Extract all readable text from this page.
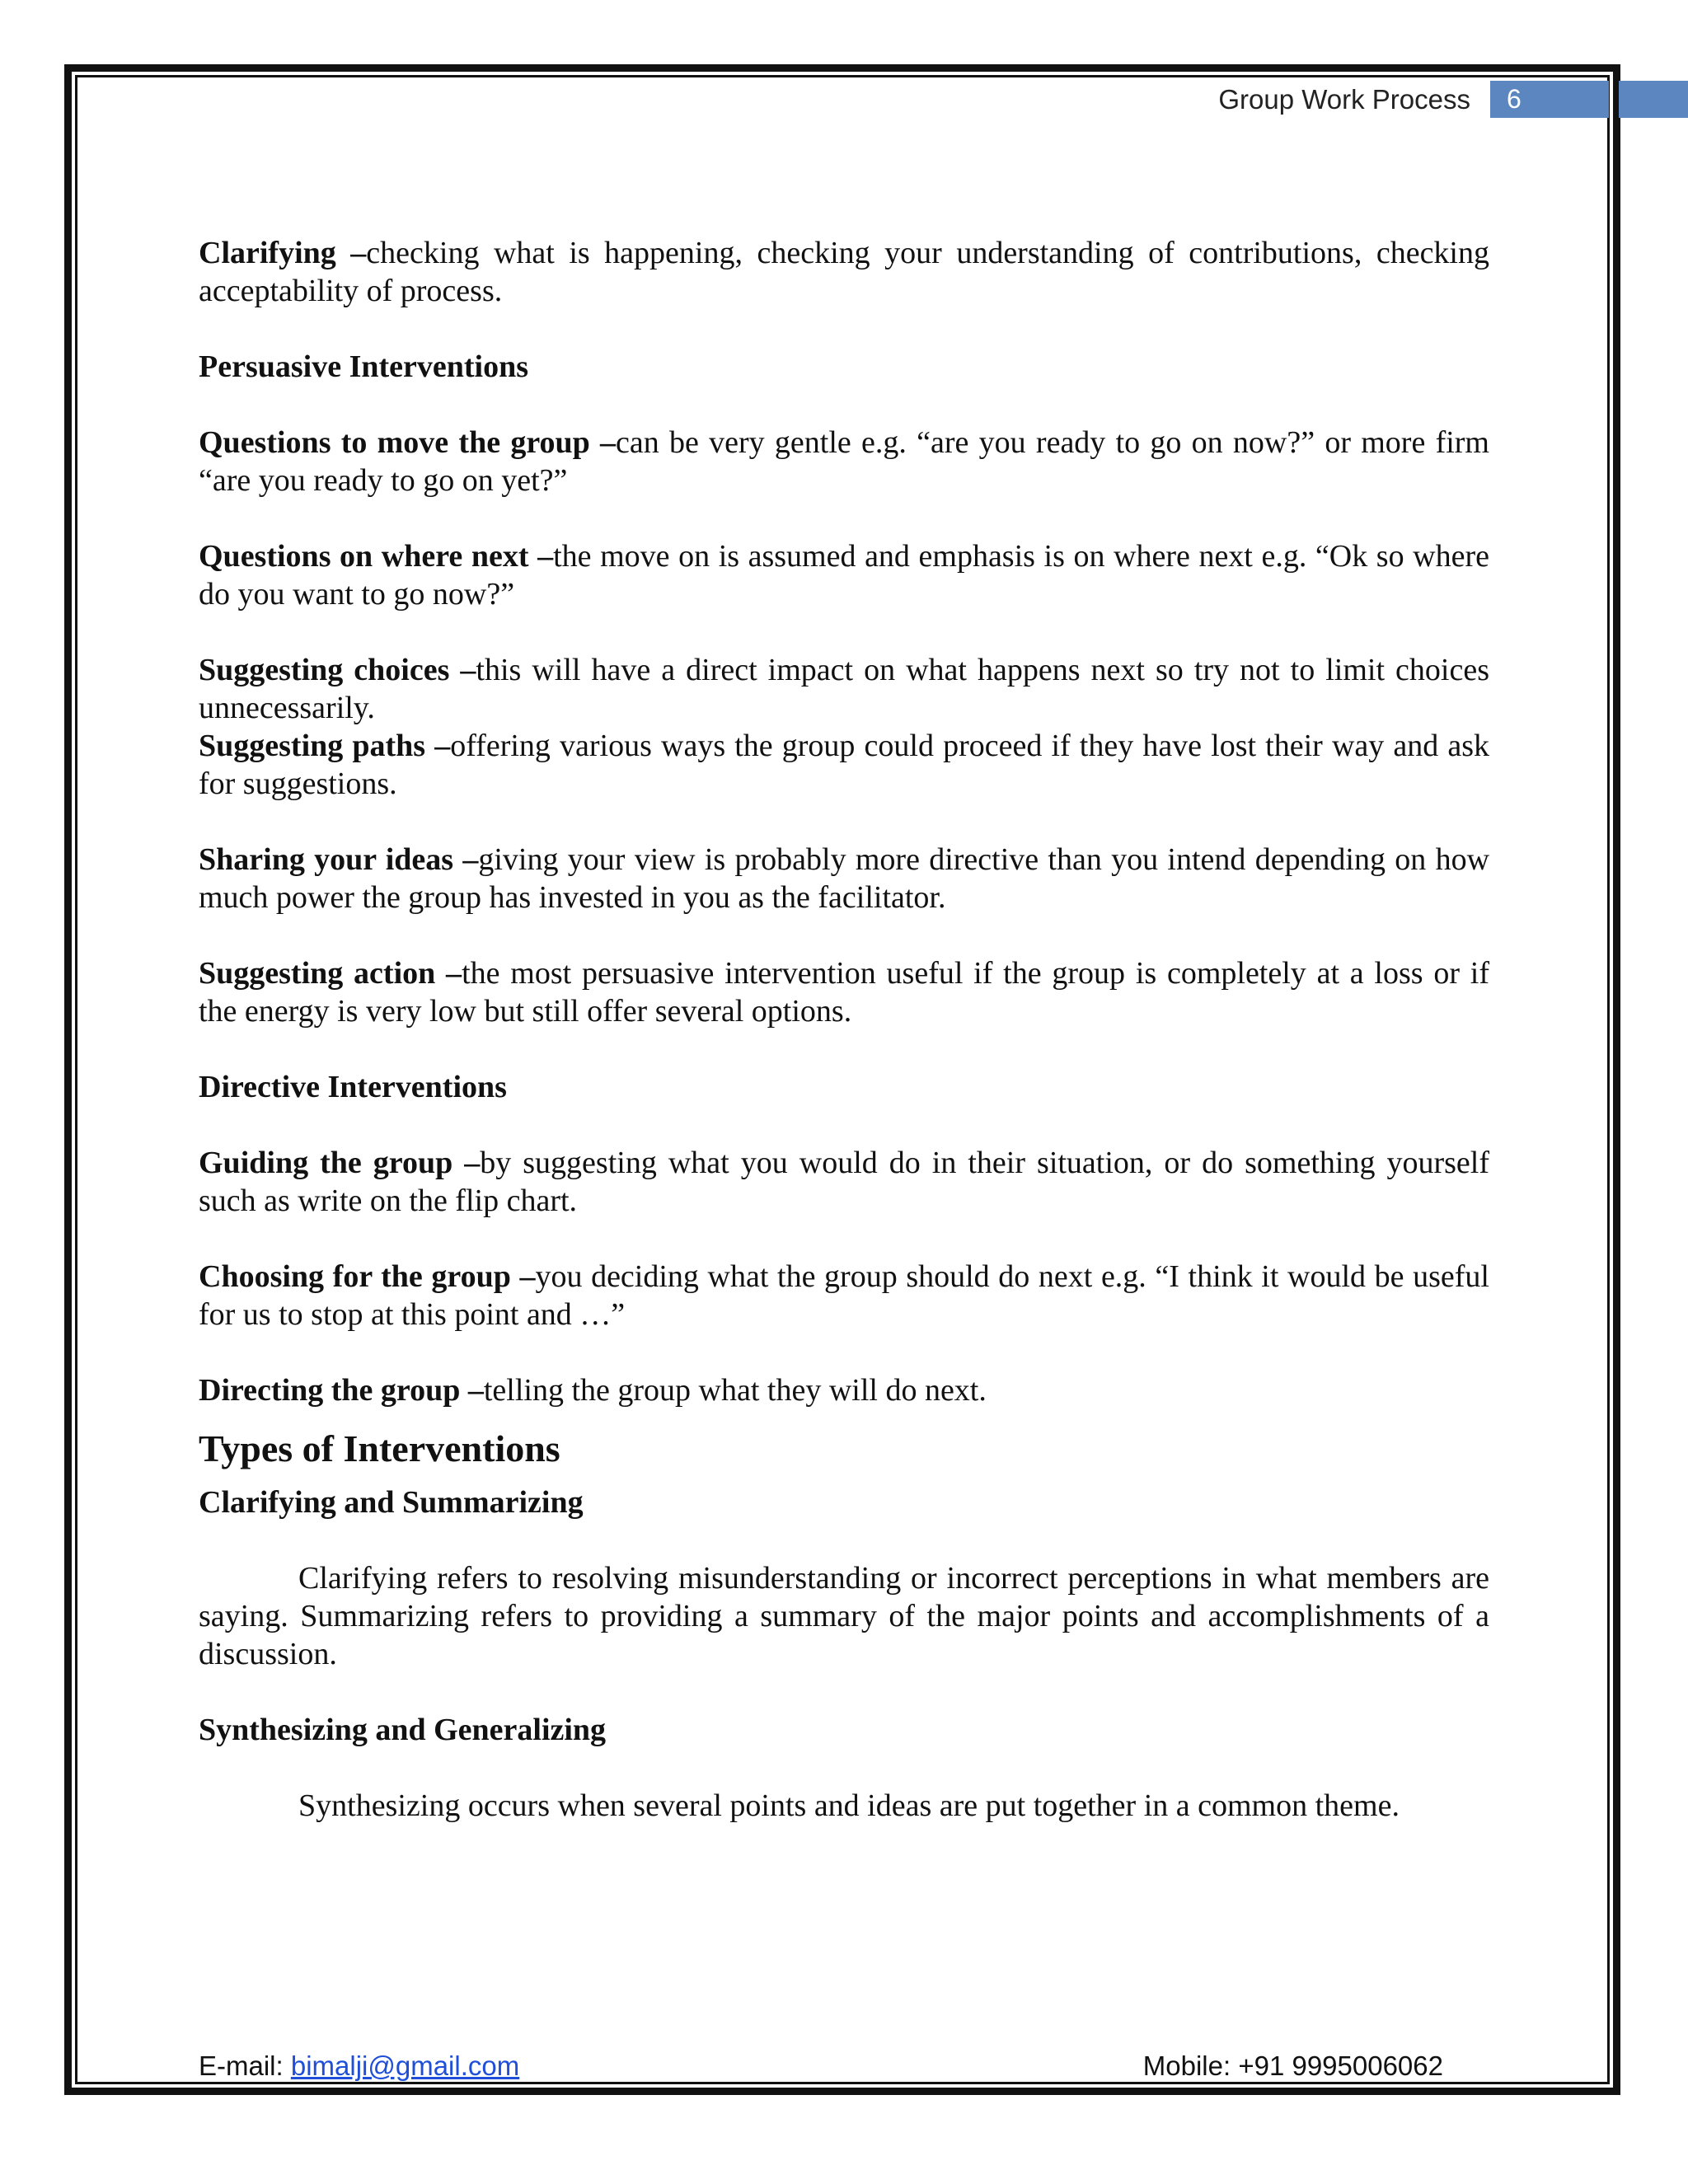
Group Work Process 6

Clarifying –checking what is happening, checking your understanding of contributions, checking acceptability of process.

Persuasive Interventions

Questions to move the group –can be very gentle e.g. “are you ready to go on now?” or more firm “are you ready to go on yet?”

Questions on where next –the move on is assumed and emphasis is on where next e.g. “Ok so where do you want to go now?”

Suggesting choices –this will have a direct impact on what happens next so try not to limit choices unnecessarily.

Suggesting paths –offering various ways the group could proceed if they have lost their way and ask for suggestions.

Sharing your ideas –giving your view is probably more directive than you intend depending on how much power the group has invested in you as the facilitator.

Suggesting action –the most persuasive intervention useful if the group is completely at a loss or if the energy is very low but still offer several options.

Directive Interventions

Guiding the group –by suggesting what you would do in their situation, or do something yourself such as write on the flip chart.

Choosing for the group –you deciding what the group should do next e.g. “I think it would be useful for us to stop at this point and …”

Directing the group –telling the group what they will do next.

Types of Interventions

Clarifying and Summarizing

Clarifying refers to resolving misunderstanding or incorrect perceptions in what members are saying. Summarizing refers to providing a summary of the major points and accomplishments of a discussion.

Synthesizing and Generalizing

Synthesizing occurs when several points and ideas are put together in a common theme.

E-mail: bimalji@gmail.com	Mobile: +91 9995006062
